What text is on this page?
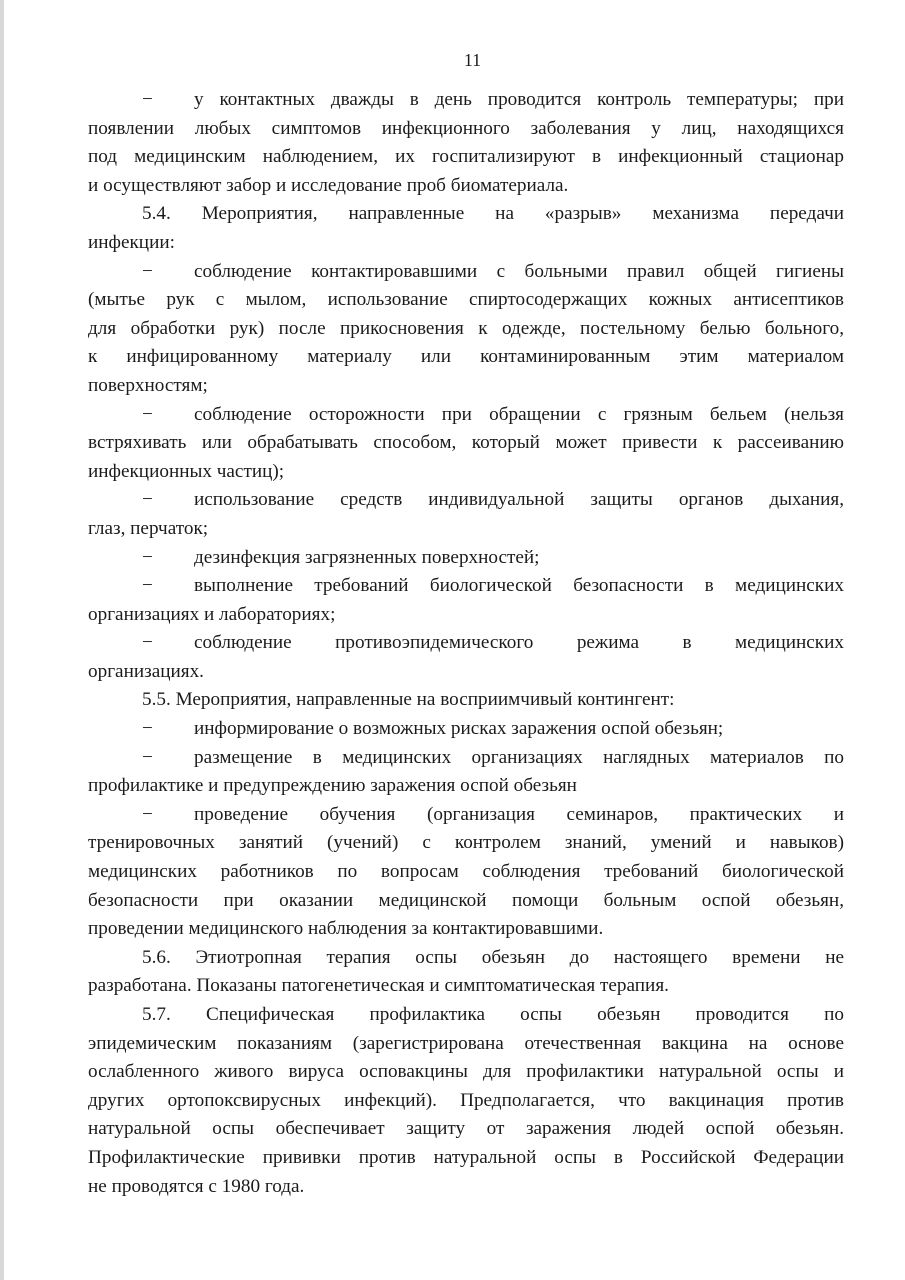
11

− у контактных дважды в день проводится контроль температуры; при

появлении любых симптомов инфекционного заболевания у лиц, находящихся

под медицинским наблюдением, их госпитализируют в инфекционный стационар

и осуществляют забор и исследование проб биоматериала.

5.4. Мероприятия, направленные на «разрыв» механизма передачи

инфекции:

− соблюдение контактировавшими с больными правил общей гигиены

(мытье рук с мылом, использование спиртосодержащих кожных антисептиков

для обработки рук) после прикосновения к одежде, постельному белью больного,

к инфицированному материалу или контаминированным этим материалом

поверхностям;

− соблюдение осторожности при обращении с грязным бельем (нельзя

встряхивать или обрабатывать способом, который может привести к рассеиванию

инфекционных частиц);

− использование средств индивидуальной защиты органов дыхания,

глаз, перчаток;

− дезинфекция загрязненных поверхностей;

− выполнение требований биологической безопасности в медицинских

организациях и лабораториях;

− соблюдение противоэпидемического режима в медицинских

организациях.

5.5. Мероприятия, направленные на восприимчивый контингент:

− информирование о возможных рисках заражения оспой обезьян;

− размещение в медицинских организациях наглядных материалов по

профилактике и предупреждению заражения оспой обезьян

− проведение обучения (организация семинаров, практических и

тренировочных занятий (учений) с контролем знаний, умений и навыков)

медицинских работников по вопросам соблюдения требований биологической

безопасности при оказании медицинской помощи больным оспой обезьян,

проведении медицинского наблюдения за контактировавшими.

5.6. Этиотропная терапия оспы обезьян до настоящего времени не

разработана. Показаны патогенетическая и симптоматическая терапия.

5.7. Специфическая профилактика оспы обезьян проводится по

эпидемическим показаниям (зарегистрирована отечественная вакцина на основе

ослабленного живого вируса осповакцины для профилактики натуральной оспы и

других ортопоксвирусных инфекций). Предполагается, что вакцинация против

натуральной оспы обеспечивает защиту от заражения людей оспой обезьян.

Профилактические прививки против натуральной оспы в Российской Федерации

не проводятся с 1980 года.
